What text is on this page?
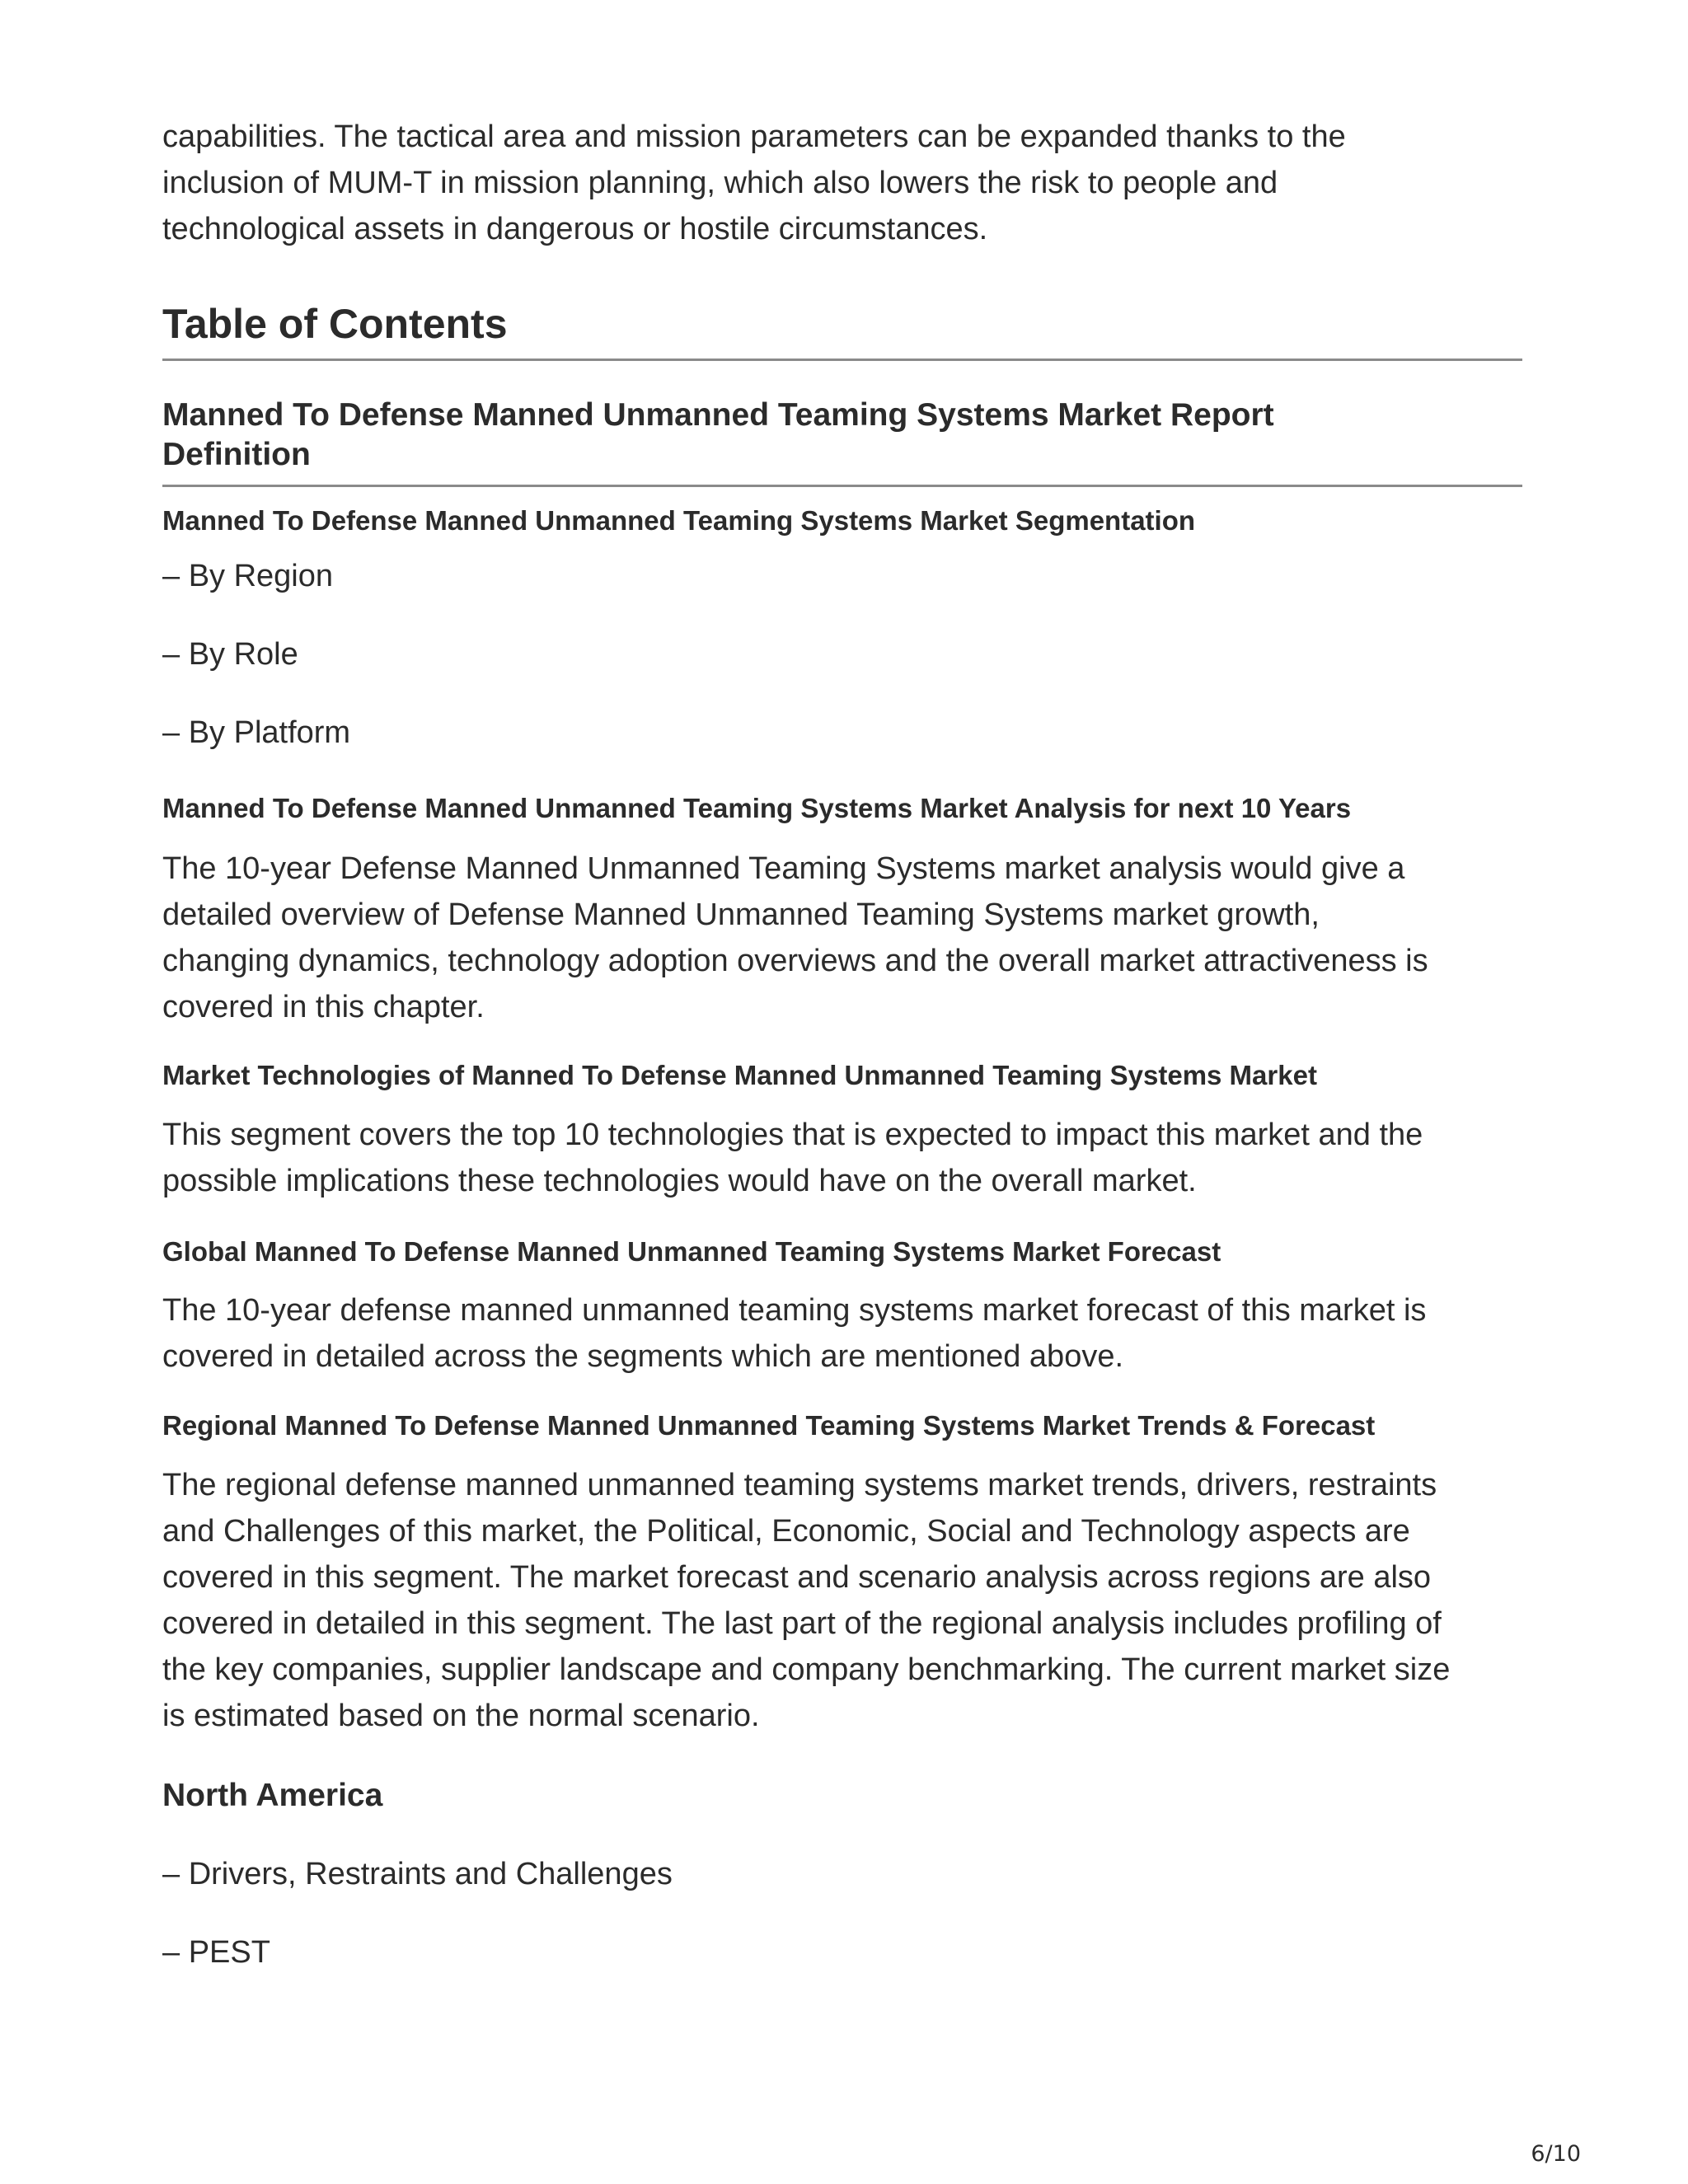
capabilities. The tactical area and mission parameters can be expanded thanks to the

inclusion of MUM-T in mission planning, which also lowers the risk to people and

technological assets in dangerous or hostile circumstances.

Table of Contents

Manned To Defense Manned Unmanned Teaming Systems Market Report

Definition

Manned To Defense Manned Unmanned Teaming Systems Market Segmentation

– By Region

– By Role

– By Platform

Manned To Defense Manned Unmanned Teaming Systems Market Analysis for next 10 Years

The 10-year Defense Manned Unmanned Teaming Systems market analysis would give a

detailed overview of Defense Manned Unmanned Teaming Systems market growth,

changing dynamics, technology adoption overviews and the overall market attractiveness is

covered in this chapter.

Market Technologies of Manned To Defense Manned Unmanned Teaming Systems Market

This segment covers the top 10 technologies that is expected to impact this market and the

possible implications these technologies would have on the overall market.

Global Manned To Defense Manned Unmanned Teaming Systems Market Forecast

The 10-year defense manned unmanned teaming systems market forecast of this market is

covered in detailed across the segments which are mentioned above.

Regional Manned To Defense Manned Unmanned Teaming Systems Market Trends & Forecast

The regional defense manned unmanned teaming systems market trends, drivers, restraints

and Challenges of this market, the Political, Economic, Social and Technology aspects are

covered in this segment. The market forecast and scenario analysis across regions are also

covered in detailed in this segment. The last part of the regional analysis includes profiling of

the key companies, supplier landscape and company benchmarking. The current market size

is estimated based on the normal scenario.

North America

– Drivers, Restraints and Challenges

– PEST

6/10
